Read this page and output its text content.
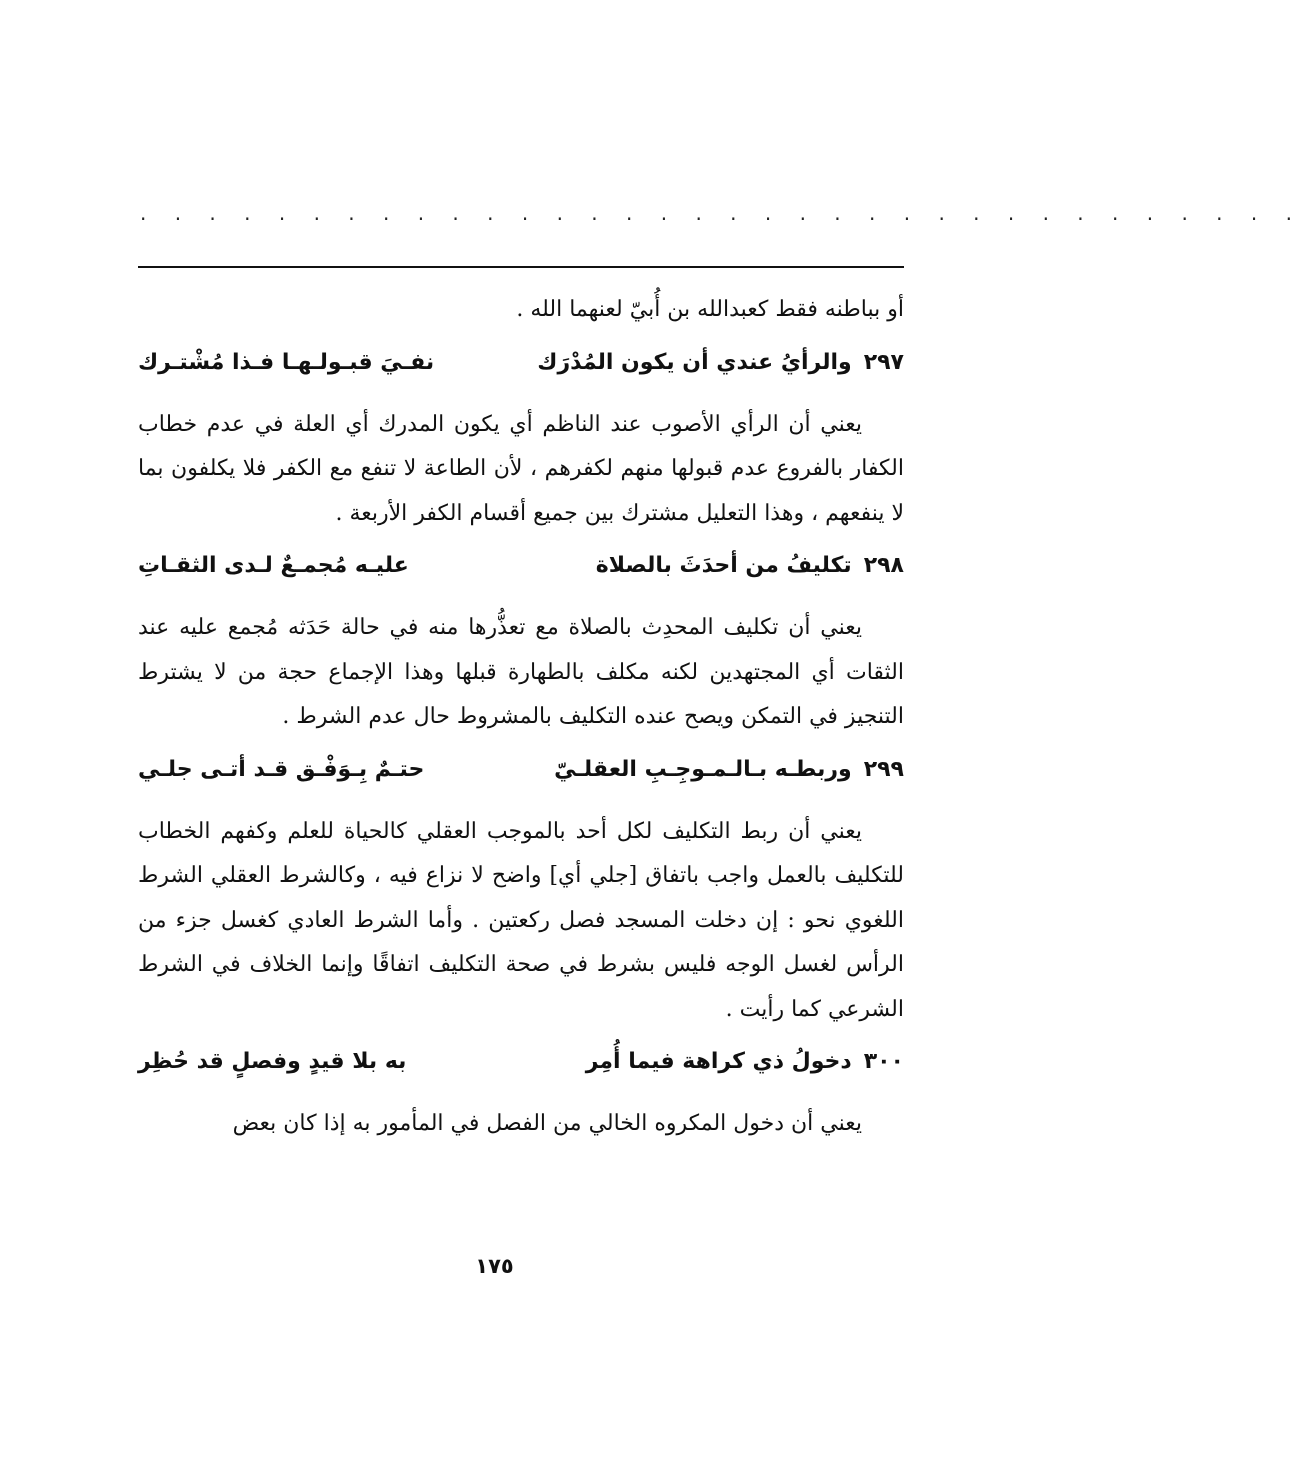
. . . . . . . . . . . . . . . . . . . . . . . . . . . . . . . . . .

أو بباطنه فقط كعبدالله بن أُبيّ لعنهما الله .

٢٩٧
والرأيُ عندي أن يكون المُدْرَك
نفـيَ قبـولـهـا فـذا مُشْتـرك

يعني أن الرأي الأصوب عند الناظم أي يكون المدرك أي العلة في عدم خطاب الكفار بالفروع عدم قبولها منهم لكفرهم ، لأن الطاعة لا تنفع مع الكفر فلا يكلفون بما لا ينفعهم ، وهذا التعليل مشترك بين جميع أقسام الكفر الأربعة .

٢٩٨
تكليفُ من أحدَثَ بالصلاة
عليـه مُجمـعٌ لـدى الثقـاتِ

يعني أن تكليف المحدِث بالصلاة مع تعذُّرها منه في حالة حَدَثه مُجمع عليه عند الثقات أي المجتهدين لكنه مكلف بالطهارة قبلها وهذا الإجماع حجة من لا يشترط التنجيز في التمكن ويصح عنده التكليف بالمشروط حال عدم الشرط .

٢٩٩
وربطـه بـالـمـوجِـبِ العقلـيّ
حتـمٌ بِـوَفْـق قـد أتـى جلـي

يعني أن ربط التكليف لكل أحد بالموجب العقلي كالحياة للعلم وكفهم الخطاب للتكليف بالعمل واجب باتفاق [جلي أي] واضح لا نزاع فيه ، وكالشرط العقلي الشرط اللغوي نحو : إن دخلت المسجد فصل ركعتين . وأما الشرط العادي كغسل جزء من الرأس لغسل الوجه فليس بشرط في صحة التكليف اتفاقًا وإنما الخلاف في الشرط الشرعي كما رأيت .

٣٠٠
دخولُ ذي كراهة فيما أُمِر
به بلا قيدٍ وفصلٍ قد حُظِر

يعني أن دخول المكروه الخالي من الفصل في المأمور به إذا كان بعض

١٧٥
